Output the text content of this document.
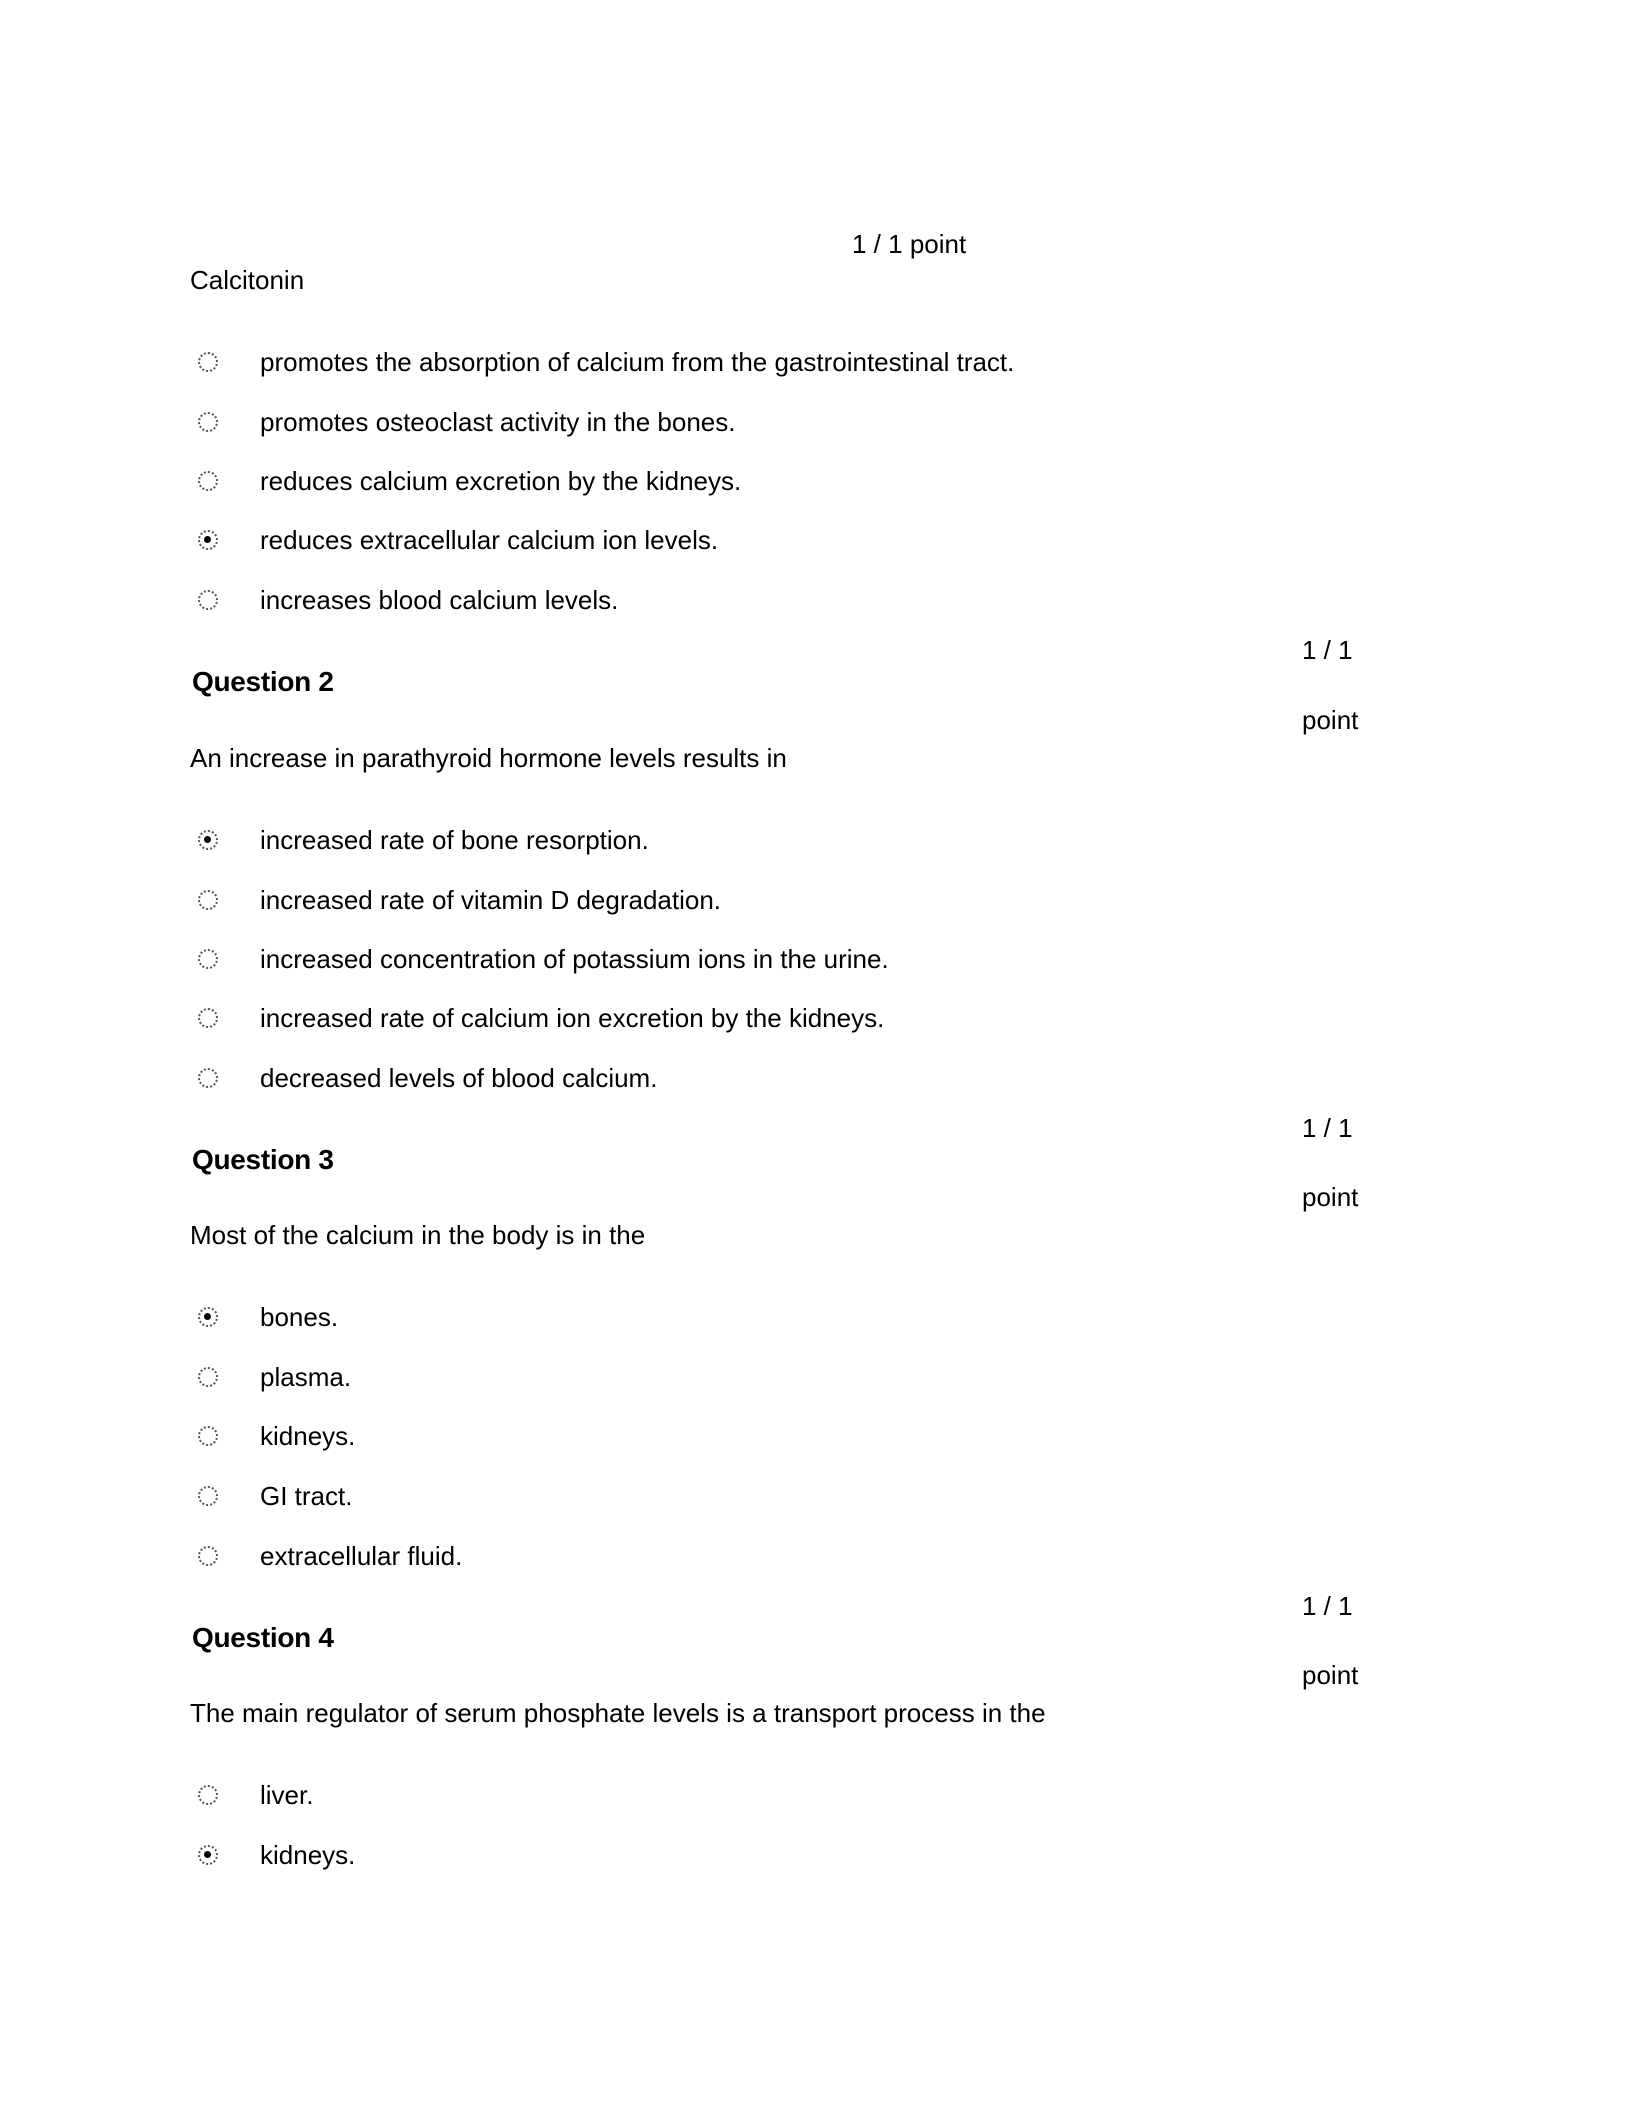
1 / 1 point
Calcitonin
promotes the absorption of calcium from the gastrointestinal tract.
promotes osteoclast activity in the bones.
reduces calcium excretion by the kidneys.
reduces extracellular calcium ion levels.
increases blood calcium levels.
1 / 1
Question 2
point
An increase in parathyroid hormone levels results in
increased rate of bone resorption.
increased rate of vitamin D degradation.
increased concentration of potassium ions in the urine.
increased rate of calcium ion excretion by the kidneys.
decreased levels of blood calcium.
1 / 1
Question 3
point
Most of the calcium in the body is in the
bones.
plasma.
kidneys.
GI tract.
extracellular fluid.
1 / 1
Question 4
point
The main regulator of serum phosphate levels is a transport process in the
liver.
kidneys.
